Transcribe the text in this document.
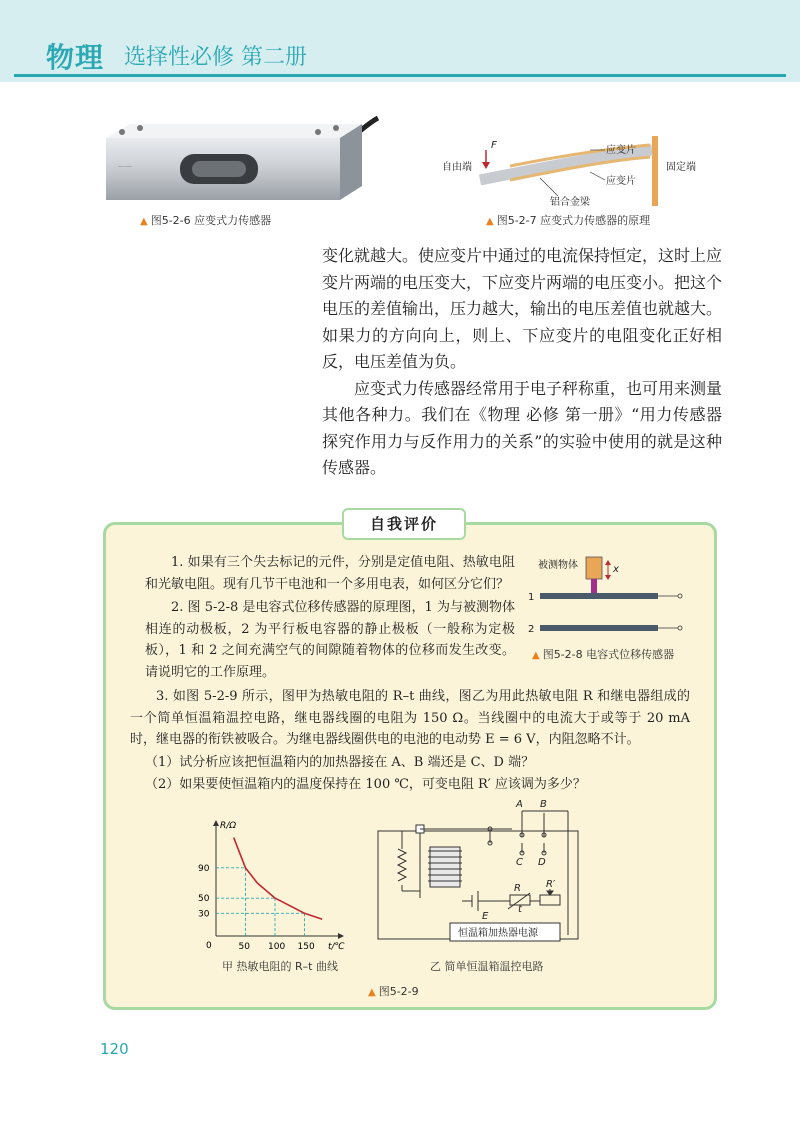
物理 选择性必修 第二册
——
▲ 图5-2-6 应变式力传感器
F
自由端
应变片
应变片
铝合金梁
固定端
▲ 图5-2-7 应变式力传感器的原理

变化就越大。使应变片中通过的电流保持恒定，这时上应变片两端的电压变大，下应变片两端的电压变小。把这个电压的差值输出，压力越大，输出的电压差值也就越大。如果力的方向向上，则上、下应变片的电阻变化正好相反，电压差值为负。

应变式力传感器经常用于电子秤称重，也可用来测量其他各种力。我们在《物理 必修 第一册》“用力传感器探究作用力与反作用力的关系”的实验中使用的就是这种传感器。

自我评价
1. 如果有三个失去标记的元件，分别是定值电阻、热敏电阻和光敏电阻。现有几节干电池和一个多用电表，如何区分它们？
2. 图 5-2-8 是电容式位移传感器的原理图，1 为与被测物体相连的动极板，2 为平行板电容器的静止极板（一般称为定极板），1 和 2 之间充满空气的间隙随着物体的位移而发生改变。请说明它的工作原理。
3. 如图 5-2-9 所示，图甲为热敏电阻的 R–t 曲线，图乙为用此热敏电阻 R 和继电器组成的一个简单恒温箱温控电路，继电器线圈的电阻为 150 Ω。当线圈中的电流大于或等于 20 mA 时，继电器的衔铁被吸合。为继电器线圈供电的电池的电动势 E = 6 V，内阻忽略不计。
（1）试分析应该把恒温箱内的加热器接在 A、B 端还是 C、D 端？
（2）如果要使恒温箱内的温度保持在 100 ℃，可变电阻 R′ 应该调为多少？
被测物体	x
1
2
▲ 图5-2-8 电容式位移传感器
R/Ω
t/℃
0	50 100 150
30
50
90
甲 热敏电阻的 R–t 曲线
A B
C D
E
R	R′
t
恒温箱加热器电源
乙 简单恒温箱温控电路
▲ 图5-2-9
120
